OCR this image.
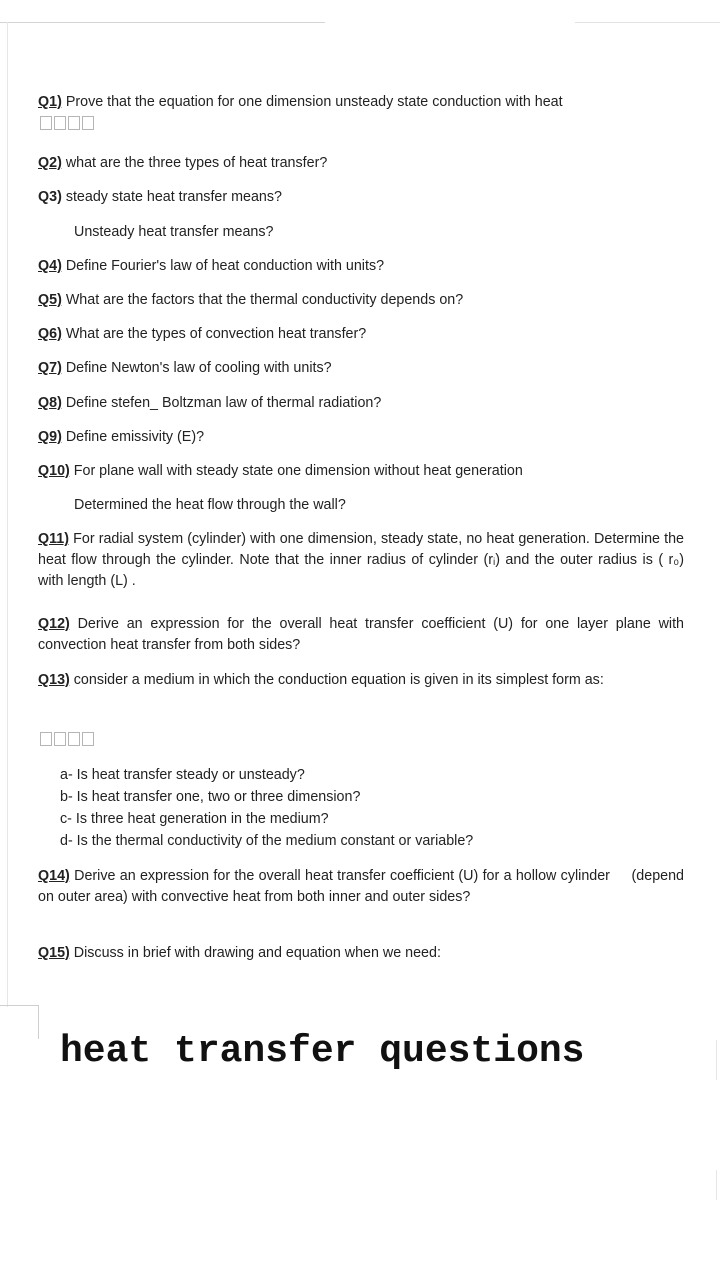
Q1) Prove that the equation for one dimension unsteady state conduction with heat
Q2) what are the three types of heat transfer?
Q3) steady state heat transfer means?
Unsteady heat transfer means?
Q4) Define Fourier's law of heat conduction with units?
Q5) What are the factors that the thermal conductivity depends on?
Q6) What are the types of convection heat transfer?
Q7) Define Newton's law of cooling with units?
Q8) Define stefen_ Boltzman law of thermal radiation?
Q9) Define emissivity (E)?
Q10) For plane wall with steady state one dimension without heat generation
Determined the heat flow through the wall?
Q11) For radial system (cylinder) with one dimension, steady state, no heat generation. Determine the heat flow through the cylinder. Note that the inner radius of cylinder (rᵢ) and the outer radius is ( r₀) with length (L) .
Q12) Derive an expression for the overall heat transfer coefficient (U) for one layer plane with     convection heat transfer from both sides?
Q13) consider a medium in which the conduction equation is given in its simplest form as:
a- Is heat transfer steady or unsteady?
b- Is heat transfer one, two or three dimension?
c- Is three heat generation in the medium?
d- Is the thermal conductivity of the medium constant or variable?
Q14) Derive an expression for the overall heat transfer coefficient (U) for a hollow cylinder     (depend on outer area) with convective heat from both inner and outer sides?
Q15) Discuss in brief with drawing and equation when we need:
heat transfer questions
